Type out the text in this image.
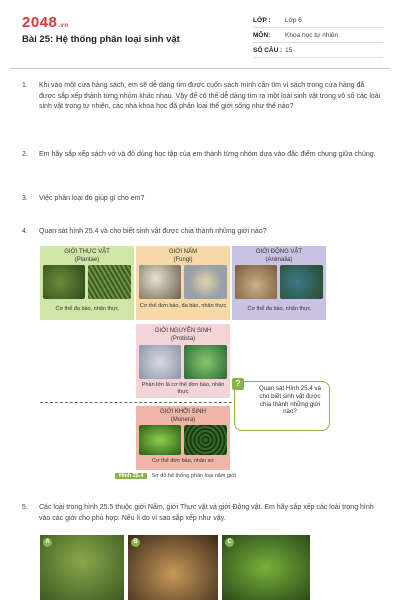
2048.vn
Bài 25: Hệ thống phân loại sinh vật
LỚP :	Lớp 6
MÔN:	Khoa học tự nhiên
SỐ CÂU : 15
1. Khi vào một cửa hàng sách, em sẽ dễ dàng tìm được cuốn sách mình cần tìm vì sách trong cửa hàng đã được sắp xếp thành từng nhóm khác nhau. Vậy để có thể dễ dàng tìm ra một loài sinh vật trong vô số các loài sinh vật trong tự nhiên, các nhà khoa học đã phân loại thế giới sống như thế nào?
2. Em hãy sắp xếp sách vở và đồ dùng học tập của em thành từng nhóm dựa vào đặc điểm chung giữa chúng.
3. Việc phân loại đó giúp gì cho em?
4. Quan sát hình 25.4 và cho biết sinh vật được chia thành những giới nào?
GIỚI THỰC VẬT
(Plantae)
Cơ thể đa bào, nhân thực
GIỚI NẤM
(Fungi)
Cơ thể đơn bào, đa bào, nhân thực
GIỚI ĐỘNG VẬT
(Animalia)
Cơ thể đa bào, nhân thực
GIỚI NGUYÊN SINH
(Protista)
Phần lớn là cơ thể đơn bào, nhân thực
GIỚI KHỞI SINH
(Monera)
Cơ thể đơn bào, nhân sơ
?
Quan sát Hình 25.4 và cho biết sinh vật được chia thành những giới nào?
Hình 25.4 Sơ đồ hệ thống phân loại năm giới
5. Các loài trong hình 25.5 thuộc giới Nấm, giới Thực vật và giới Động vật. Em hãy sắp xếp các loài trong hình vào các giới cho phù hợp. Nếu lí do vì sao sắp xếp như vậy.
A	B	C
